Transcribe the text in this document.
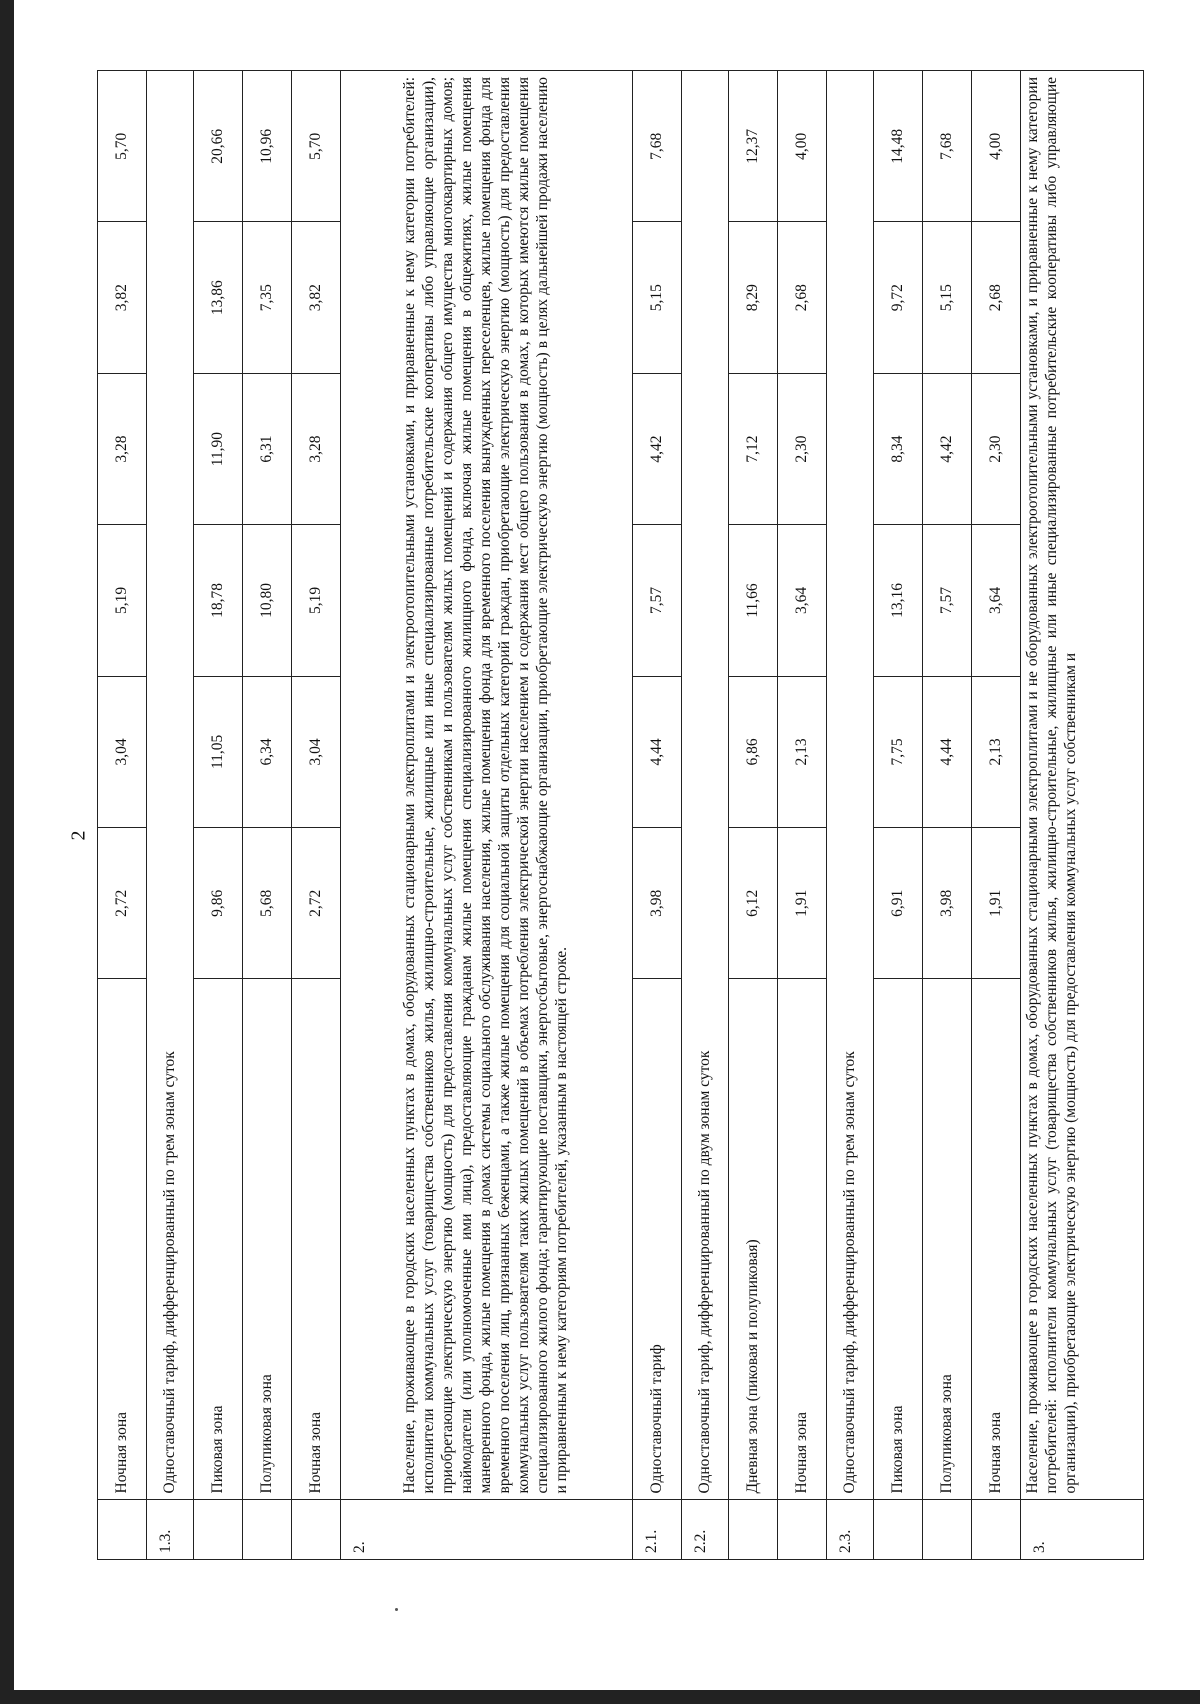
2
	Ночная зона	2,72	3,04	5,19	3,28	3,82	5,70
1.3.	Одноставочный тариф, дифференцированный по трем зонам суток						
	Пиковая зона	9,86	11,05	18,78	11,90	13,86	20,66
	Полупиковая зона	5,68	6,34	10,80	6,31	7,35	10,96
	Ночная зона	2,72	3,04	5,19	3,28	3,82	5,70
2.	Население, проживающее в городских населенных пунктах в домах, оборудованных стационарными электроплитами и электроотопительными установками, и приравненные к нему категории потребителей: исполнители коммунальных услуг (товарищества собственников жилья, жилищно-строительные, жилищные или иные специализированные потребительские кооперативы либо управляющие организации), приобретающие электрическую энергию (мощность) для предоставления коммунальных услуг собственникам и пользователям жилых помещений и содержания общего имущества многоквартирных домов; наймодатели (или уполномоченные ими лица), предоставляющие гражданам жилые помещения специализированного жилищного фонда, включая жилые помещения в общежитиях, жилые помещения маневренного фонда, жилые помещения в домах системы социального обслуживания населения, жилые помещения фонда для временного поселения вынужденных переселенцев, жилые помещения фонда для временного поселения лиц, признанных беженцами, а также жилые помещения для социальной защиты отдельных категорий граждан, приобретающие электрическую энергию (мощность) для предоставления коммунальных услуг пользователям таких жилых помещений в объемах потребления электрической энергии населением и содержания мест общего пользования в домах, в которых имеются жилые помещения специализированного жилого фонда; гарантирующие поставщики, энергосбытовые, энергоснабжающие организации, приобретающие электрическую энергию (мощность) в целях дальнейшей продажи населению и приравненным к нему категориям потребителей, указанным в настоящей строке.						
2.1.	Одноставочный тариф	3,98	4,44	7,57	4,42	5,15	7,68
2.2.	Одноставочный тариф, дифференцированный по двум зонам суток						
	Дневная зона (пиковая и полупиковая)	6,12	6,86	11,66	7,12	8,29	12,37
	Ночная зона	1,91	2,13	3,64	2,30	2,68	4,00
2.3.	Одноставочный тариф, дифференцированный по трем зонам суток						
	Пиковая зона	6,91	7,75	13,16	8,34	9,72	14,48
	Полупиковая зона	3,98	4,44	7,57	4,42	5,15	7,68
	Ночная зона	1,91	2,13	3,64	2,30	2,68	4,00
3.	Население, проживающее в городских населенных пунктах в домах, оборудованных стационарными электроплитами и не оборудованных электроотопительными установками, и приравненные к нему категории потребителей: исполнители коммунальных услуг (товарищества собственников жилья, жилищно-строительные, жилищные или иные специализированные потребительские кооперативы либо управляющие организации), приобретающие электрическую энергию (мощность) для предоставления коммунальных услуг собственникам и						
